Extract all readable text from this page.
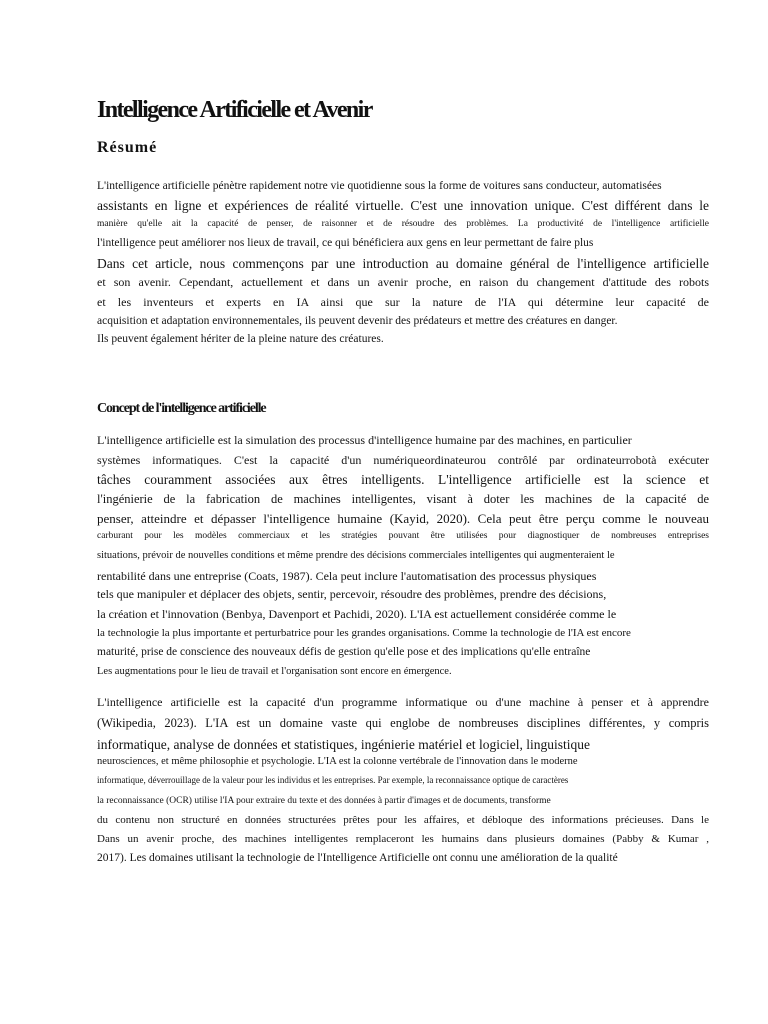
Intelligence Artificielle et Avenir
Résumé

L'intelligence artificielle pénètre rapidement notre vie quotidienne sous la forme de voitures sans conducteur, automatisées

assistants en ligne et expériences de réalité virtuelle. C'est une innovation unique. C'est différent dans le

manière qu'elle ait la capacité de penser, de raisonner et de résoudre des problèmes. La productivité de l'intelligence artificielle

l'intelligence peut améliorer nos lieux de travail, ce qui bénéficiera aux gens en leur permettant de faire plus

Dans cet article, nous commençons par une introduction au domaine général de l'intelligence artificielle

et son avenir. Cependant, actuellement et dans un avenir proche, en raison du changement d'attitude des robots

et les inventeurs et experts en IA ainsi que sur la nature de l'IA qui détermine leur capacité de

acquisition et adaptation environnementales, ils peuvent devenir des prédateurs et mettre des créatures en danger.

Ils peuvent également hériter de la pleine nature des créatures.

Concept de l'intelligence artificielle

L'intelligence artificielle est la simulation des processus d'intelligence humaine par des machines, en particulier

systèmes informatiques. C'est la capacité d'un numériqueordinateurou contrôlé par ordinateurrobotà exécuter

tâches couramment associées aux êtres intelligents. L'intelligence artificielle est la science et

l'ingénierie de la fabrication de machines intelligentes, visant à doter les machines de la capacité de

penser, atteindre et dépasser l'intelligence humaine (Kayid, 2020). Cela peut être perçu comme le nouveau

carburant pour les modèles commerciaux et les stratégies pouvant être utilisées pour diagnostiquer de nombreuses entreprises

situations, prévoir de nouvelles conditions et même prendre des décisions commerciales intelligentes qui augmenteraient le

rentabilité dans une entreprise (Coats, 1987). Cela peut inclure l'automatisation des processus physiques

tels que manipuler et déplacer des objets, sentir, percevoir, résoudre des problèmes, prendre des décisions,

la création et l'innovation (Benbya, Davenport et Pachidi, 2020). L'IA est actuellement considérée comme le

la technologie la plus importante et perturbatrice pour les grandes organisations. Comme la technologie de l'IA est encore

maturité, prise de conscience des nouveaux défis de gestion qu'elle pose et des implications qu'elle entraîne

Les augmentations pour le lieu de travail et l'organisation sont encore en émergence.

L'intelligence artificielle est la capacité d'un programme informatique ou d'une machine à penser et à apprendre

(Wikipedia, 2023). L'IA est un domaine vaste qui englobe de nombreuses disciplines différentes, y compris

informatique, analyse de données et statistiques, ingénierie matériel et logiciel, linguistique

neurosciences, et même philosophie et psychologie. L'IA est la colonne vertébrale de l'innovation dans le moderne

informatique, déverrouillage de la valeur pour les individus et les entreprises. Par exemple, la reconnaissance optique de caractères

la reconnaissance (OCR) utilise l'IA pour extraire du texte et des données à partir d'images et de documents, transforme

du contenu non structuré en données structurées prêtes pour les affaires, et débloque des informations précieuses. Dans le

Dans un avenir proche, des machines intelligentes remplaceront les humains dans plusieurs domaines (Pabby & Kumar ,

2017). Les domaines utilisant la technologie de l'Intelligence Artificielle ont connu une amélioration de la qualité
